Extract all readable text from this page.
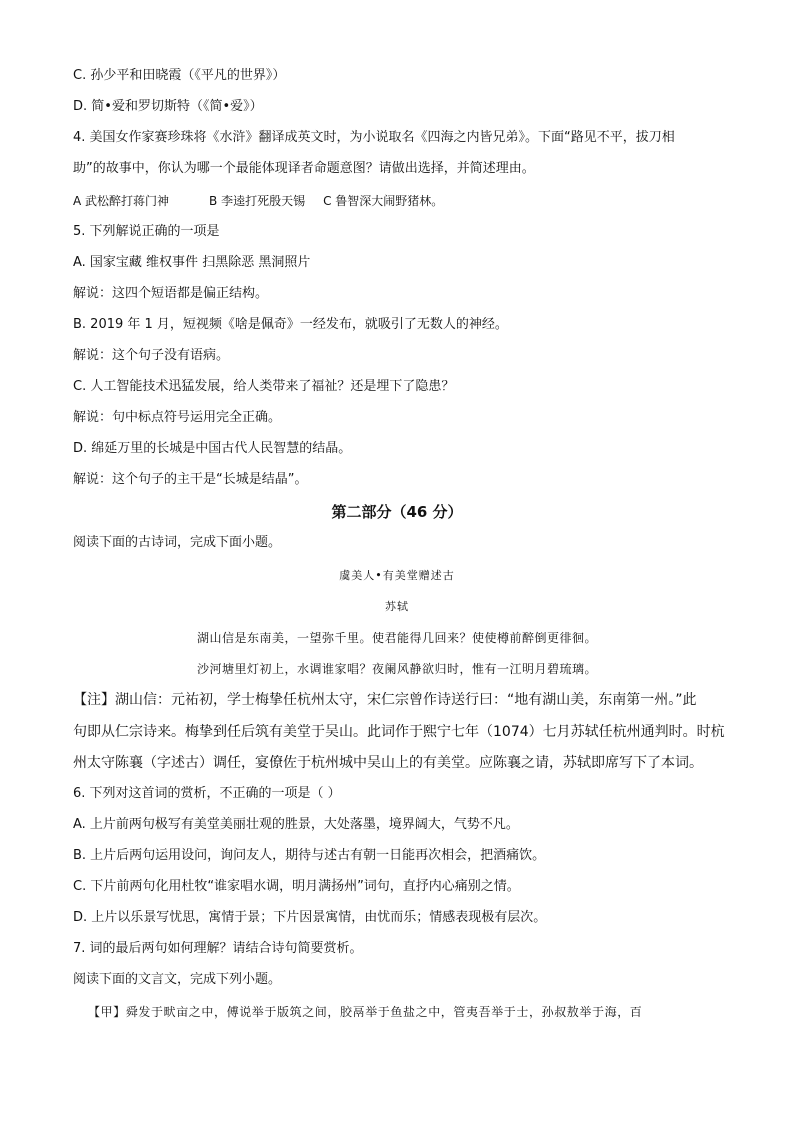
C. 孙少平和田晓霞（《平凡的世界》）
D. 简•爱和罗切斯特（《简•爱》）
4. 美国女作家赛珍珠将《水浒》翻译成英文时，为小说取名《四海之内皆兄弟》。下面“路见不平，拔刀相
助”的故事中，你认为哪一个最能体现译者命题意图？请做出选择，并简述理由。
A 武松醉打蒋门神	B 李逵打死殷天锡 C 鲁智深大闹野猪林。
5. 下列解说正确的一项是
A. 国家宝藏 维权事件 扫黑除恶 黑洞照片
解说：这四个短语都是偏正结构。
B. 2019 年 1 月，短视频《啥是佩奇》一经发布，就吸引了无数人的神经。
解说：这个句子没有语病。
C. 人工智能技术迅猛发展，给人类带来了福祉？还是埋下了隐患？
解说：句中标点符号运用完全正确。
D. 绵延万里的长城是中国古代人民智慧的结晶。
解说：这个句子的主干是“长城是结晶”。
第二部分（46 分）
阅读下面的古诗词，完成下面小题。
虞美人•有美堂赠述古
苏轼
湖山信是东南美，一望弥千里。使君能得几回来？使使樽前醉倒更徘徊。
沙河塘里灯初上，水调谁家唱？夜阑风静欲归时，惟有一江明月碧琉璃。
【注】湖山信：元祐初，学士梅挚任杭州太守，宋仁宗曾作诗送行曰：“地有湖山美，东南第一州。”此
句即从仁宗诗来。梅挚到任后筑有美堂于吴山。此词作于熙宁七年（1074）七月苏轼任杭州通判时。时杭
州太守陈襄（字述古）调任，宴僚佐于杭州城中吴山上的有美堂。应陈襄之请，苏轼即席写下了本词。
6. 下列对这首词的赏析，不正确的一项是（ ）
A. 上片前两句极写有美堂美丽壮观的胜景，大处落墨，境界阔大，气势不凡。
B. 上片后两句运用设问，询问友人，期待与述古有朝一日能再次相会，把酒痛饮。
C. 下片前两句化用杜牧“谁家唱水调，明月满扬州”词句，直抒内心痛别之情。
D. 上片以乐景写忧思，寓情于景；下片因景寓情，由忧而乐；情感表现极有层次。
7. 词的最后两句如何理解？请结合诗句简要赏析。
阅读下面的文言文，完成下列小题。
【甲】舜发于畎亩之中，傅说举于版筑之间，胶鬲举于鱼盐之中，管夷吾举于士，孙叔敖举于海，百
